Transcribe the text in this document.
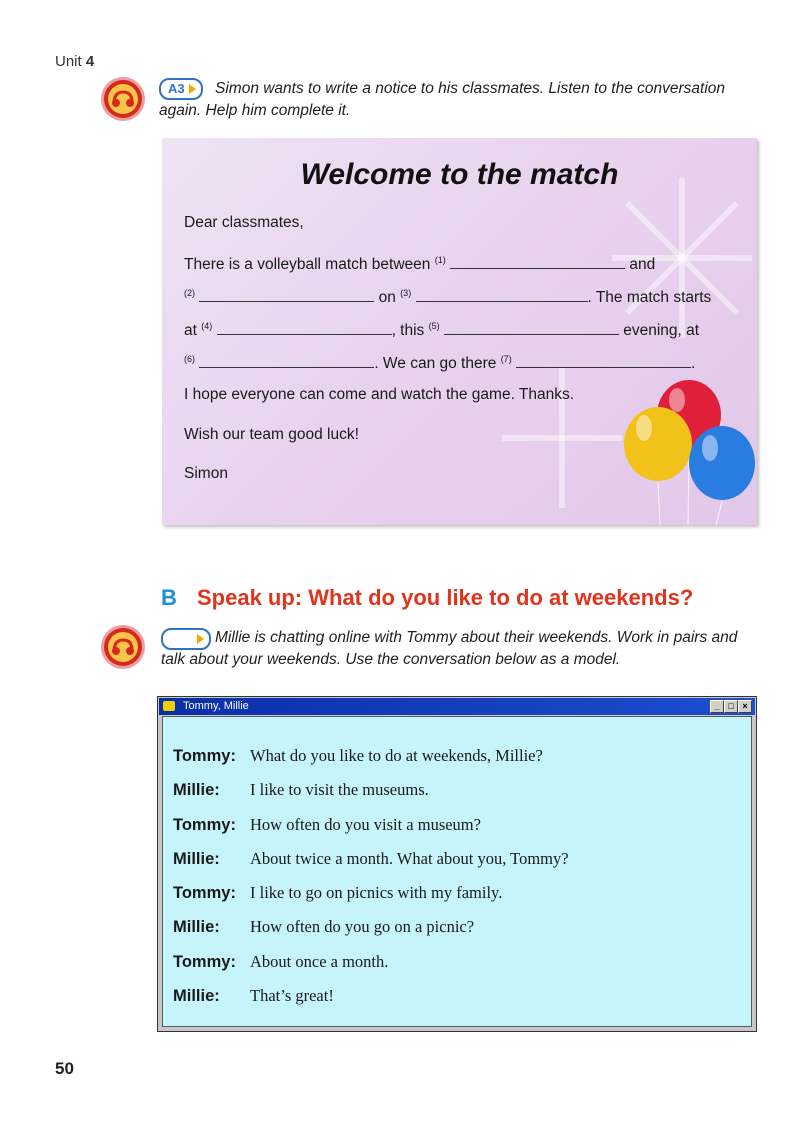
Unit 4
A3	Simon wants to write a notice to his classmates. Listen to the conversation again. Help him complete it.
Welcome to the match
Dear classmates,
There is a volleyball match between $^{(1)}$	and
$^{(2)}$	on $^{(3)}$	. The match starts
at $^{(4)}$	, this $^{(5)}$	evening, at
$^{(6)}$	. We can go there $^{(7)}$	.
I hope everyone can come and watch the game. Thanks.
Wish our team good luck!
Simon
B Speak up: What do you like to do at weekends?
Millie is chatting online with Tommy about their weekends. Work in pairs and talk about your weekends. Use the conversation below as a model.
Tommy, Millie	_ □ ×
Tommy: What do you like to do at weekends, Millie?
Millie: I like to visit the museums.
Tommy: How often do you visit a museum?
Millie: About twice a month. What about you, Tommy?
Tommy: I like to go on picnics with my family.
Millie: How often do you go on a picnic?
Tommy: About once a month.
Millie: That’s great!
50
